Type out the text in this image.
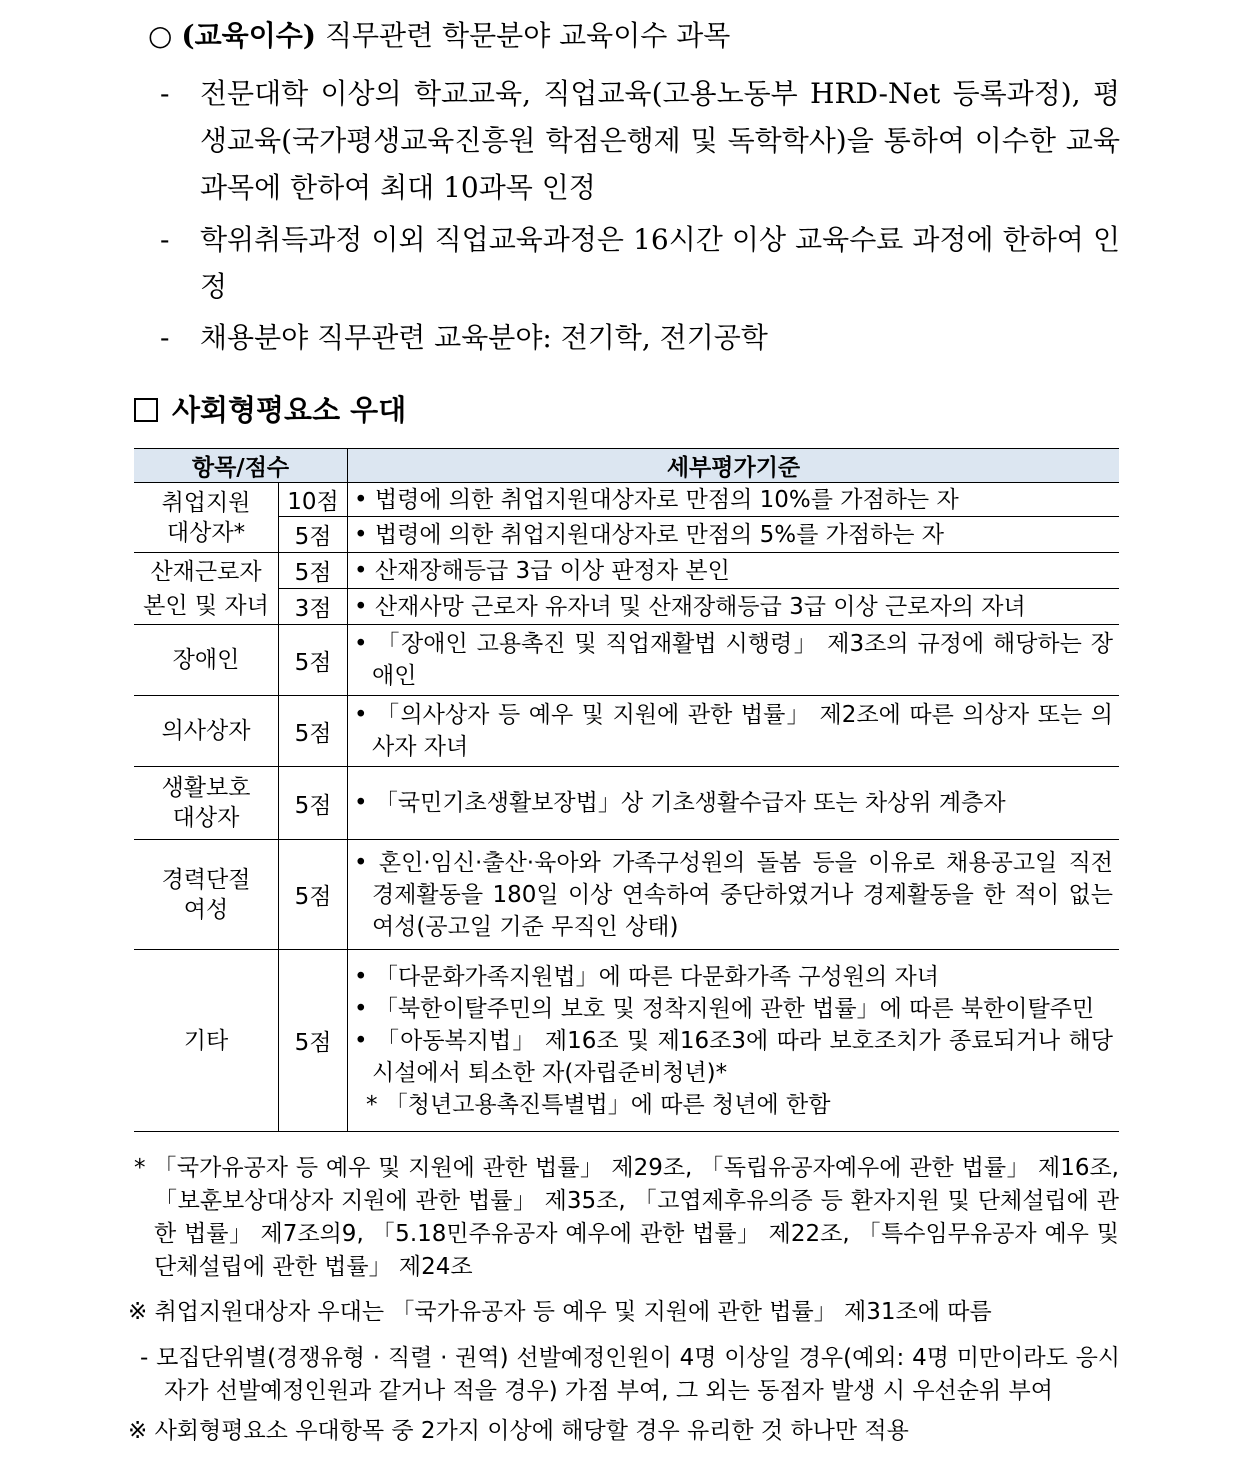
○ (교육이수) 직무관련 학문분야 교육이수 과목
- 전문대학 이상의 학교교육, 직업교육(고용노동부 HRD-Net 등록과정), 평생교육(국가평생교육진흥원 학점은행제 및 독학학사)을 통하여 이수한 교육과목에 한하여 최대 10과목 인정
- 학위취득과정 이외 직업교육과정은 16시간 이상 교육수료 과정에 한하여 인정
- 채용분야 직무관련 교육분야: 전기학, 전기공학
사회형평요소 우대
항목/점수		세부평가기준
취업지원
대상자*	10점	• 법령에 의한 취업지원대상자로 만점의 10%를 가점하는 자

	5점	• 법령에 의한 취업지원대상자로 만점의 5%를 가점하는 자

산재근로자
본인 및 자녀	5점	• 산재장해등급 3급 이상 판정자 본인

	3점	• 산재사망 근로자 유자녀 및 산재장해등급 3급 이상 근로자의 자녀

장애인	5점	• 「장애인 고용촉진 및 직업재활법 시행령」 제3조의 규정에 해당하는 장애인

의사상자	5점	• 「의사상자 등 예우 및 지원에 관한 법률」 제2조에 따른 의상자 또는 의사자 자녀

생활보호
대상자	5점	• 「국민기초생활보장법」상 기초생활수급자 또는 차상위 계층자

경력단절
여성	5점	• 혼인·임신·출산·육아와 가족구성원의 돌봄 등을 이유로 채용공고일 직전 경제활동을 180일 이상 연속하여 중단하였거나 경제활동을 한 적이 없는 여성(공고일 기준 무직인 상태)

기타	5점	• 「다문화가족지원법」에 따른 다문화가족 구성원의 자녀
• 「북한이탈주민의 보호 및 정착지원에 관한 법률」에 따른 북한이탈주민
• 「아동복지법」 제16조 및 제16조3에 따라 보호조치가 종료되거나 해당 시설에서 퇴소한 자(자립준비청년)*
* 「청년고용촉진특별법」에 따른 청년에 한함
* 「국가유공자 등 예우 및 지원에 관한 법률」 제29조, 「독립유공자예우에 관한 법률」 제16조, 「보훈보상대상자 지원에 관한 법률」 제35조, 「고엽제후유의증 등 환자지원 및 단체설립에 관한 법률」 제7조의9, 「5.18민주유공자 예우에 관한 법률」 제22조, 「특수임무유공자 예우 및 단체설립에 관한 법률」 제24조
※ 취업지원대상자 우대는 「국가유공자 등 예우 및 지원에 관한 법률」 제31조에 따름
- 모집단위별(경쟁유형 · 직렬 · 권역) 선발예정인원이 4명 이상일 경우(예외: 4명 미만이라도 응시자가 선발예정인원과 같거나 적을 경우) 가점 부여, 그 외는 동점자 발생 시 우선순위 부여
※ 사회형평요소 우대항목 중 2가지 이상에 해당할 경우 유리한 것 하나만 적용
